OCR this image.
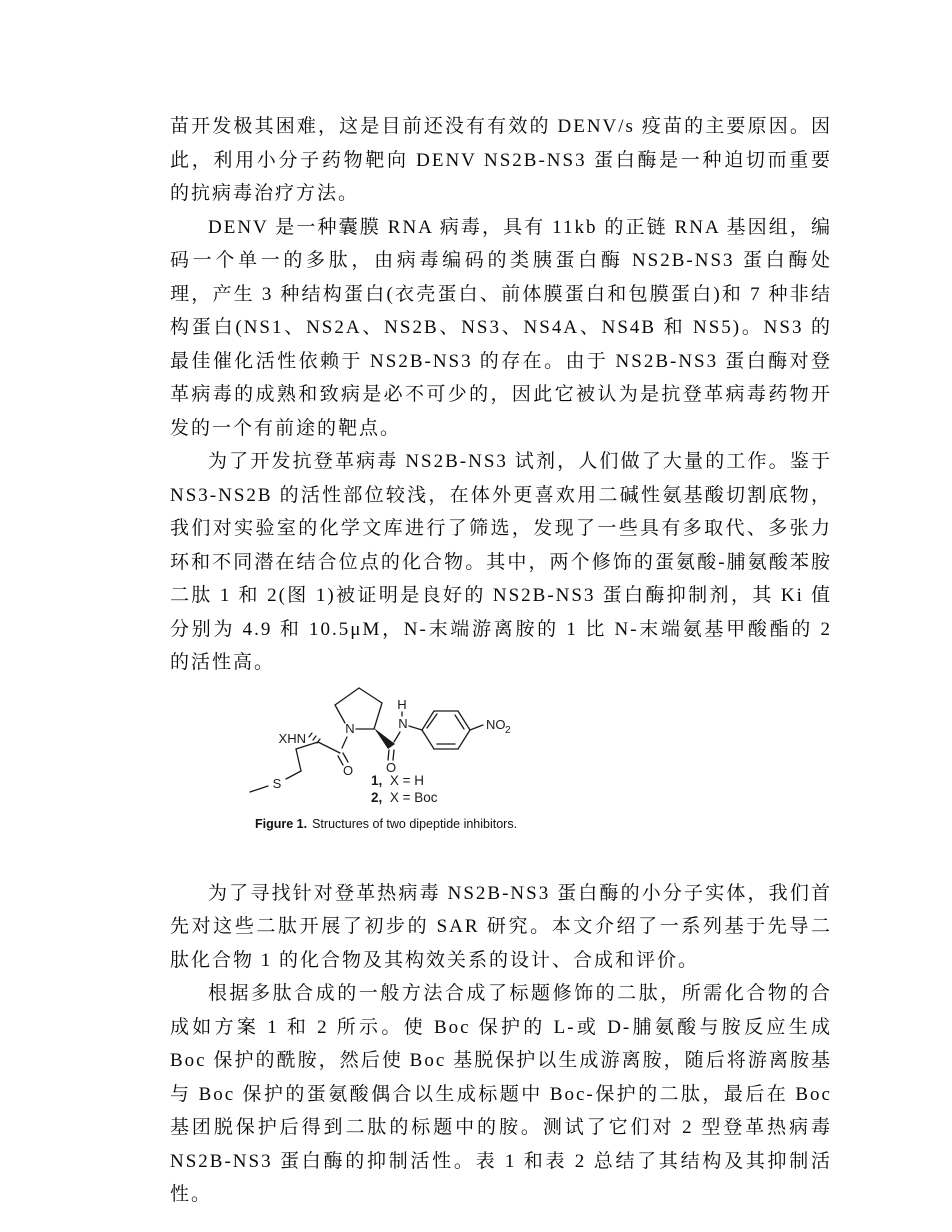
苗开发极其困难，这是目前还没有有效的 DENV/s 疫苗的主要原因。因此，利用小分子药物靶向 DENV NS2B-NS3 蛋白酶是一种迫切而重要的抗病毒治疗方法。

DENV 是一种囊膜 RNA 病毒，具有 11kb 的正链 RNA 基因组，编码一个单一的多肽，由病毒编码的类胰蛋白酶 NS2B-NS3 蛋白酶处理，产生 3 种结构蛋白(衣壳蛋白、前体膜蛋白和包膜蛋白)和 7 种非结构蛋白(NS1、NS2A、NS2B、NS3、NS4A、NS4B 和 NS5)。NS3 的最佳催化活性依赖于 NS2B-NS3 的存在。由于 NS2B-NS3 蛋白酶对登革病毒的成熟和致病是必不可少的，因此它被认为是抗登革病毒药物开发的一个有前途的靶点。

为了开发抗登革病毒 NS2B-NS3 试剂，人们做了大量的工作。鉴于 NS3-NS2B 的活性部位较浅，在体外更喜欢用二碱性氨基酸切割底物，我们对实验室的化学文库进行了筛选，发现了一些具有多取代、多张力环和不同潜在结合位点的化合物。其中，两个修饰的蛋氨酸-脯氨酸苯胺二肽 1 和 2(图 1)被证明是良好的 NS2B-NS3 蛋白酶抑制剂，其 Ki 值分别为 4.9 和 10.5μM，N-末端游离胺的 1 比 N-末端氨基甲酸酯的 2 的活性高。

XHN
S
O
N
O
H
N	NO 2
1, X = H
2, X = Boc
Figure 1. Structures of two dipeptide inhibitors.

为了寻找针对登革热病毒 NS2B-NS3 蛋白酶的小分子实体，我们首先对这些二肽开展了初步的 SAR 研究。本文介绍了一系列基于先导二肽化合物 1 的化合物及其构效关系的设计、合成和评价。

根据多肽合成的一般方法合成了标题修饰的二肽，所需化合物的合成如方案 1 和 2 所示。使 Boc 保护的 L-或 D-脯氨酸与胺反应生成 Boc 保护的酰胺，然后使 Boc 基脱保护以生成游离胺，随后将游离胺基与 Boc 保护的蛋氨酸偶合以生成标题中 Boc-保护的二肽，最后在 Boc 基团脱保护后得到二肽的标题中的胺。测试了它们对 2 型登革热病毒 NS2B-NS3 蛋白酶的抑制活性。表 1 和表 2 总结了其结构及其抑制活性。
